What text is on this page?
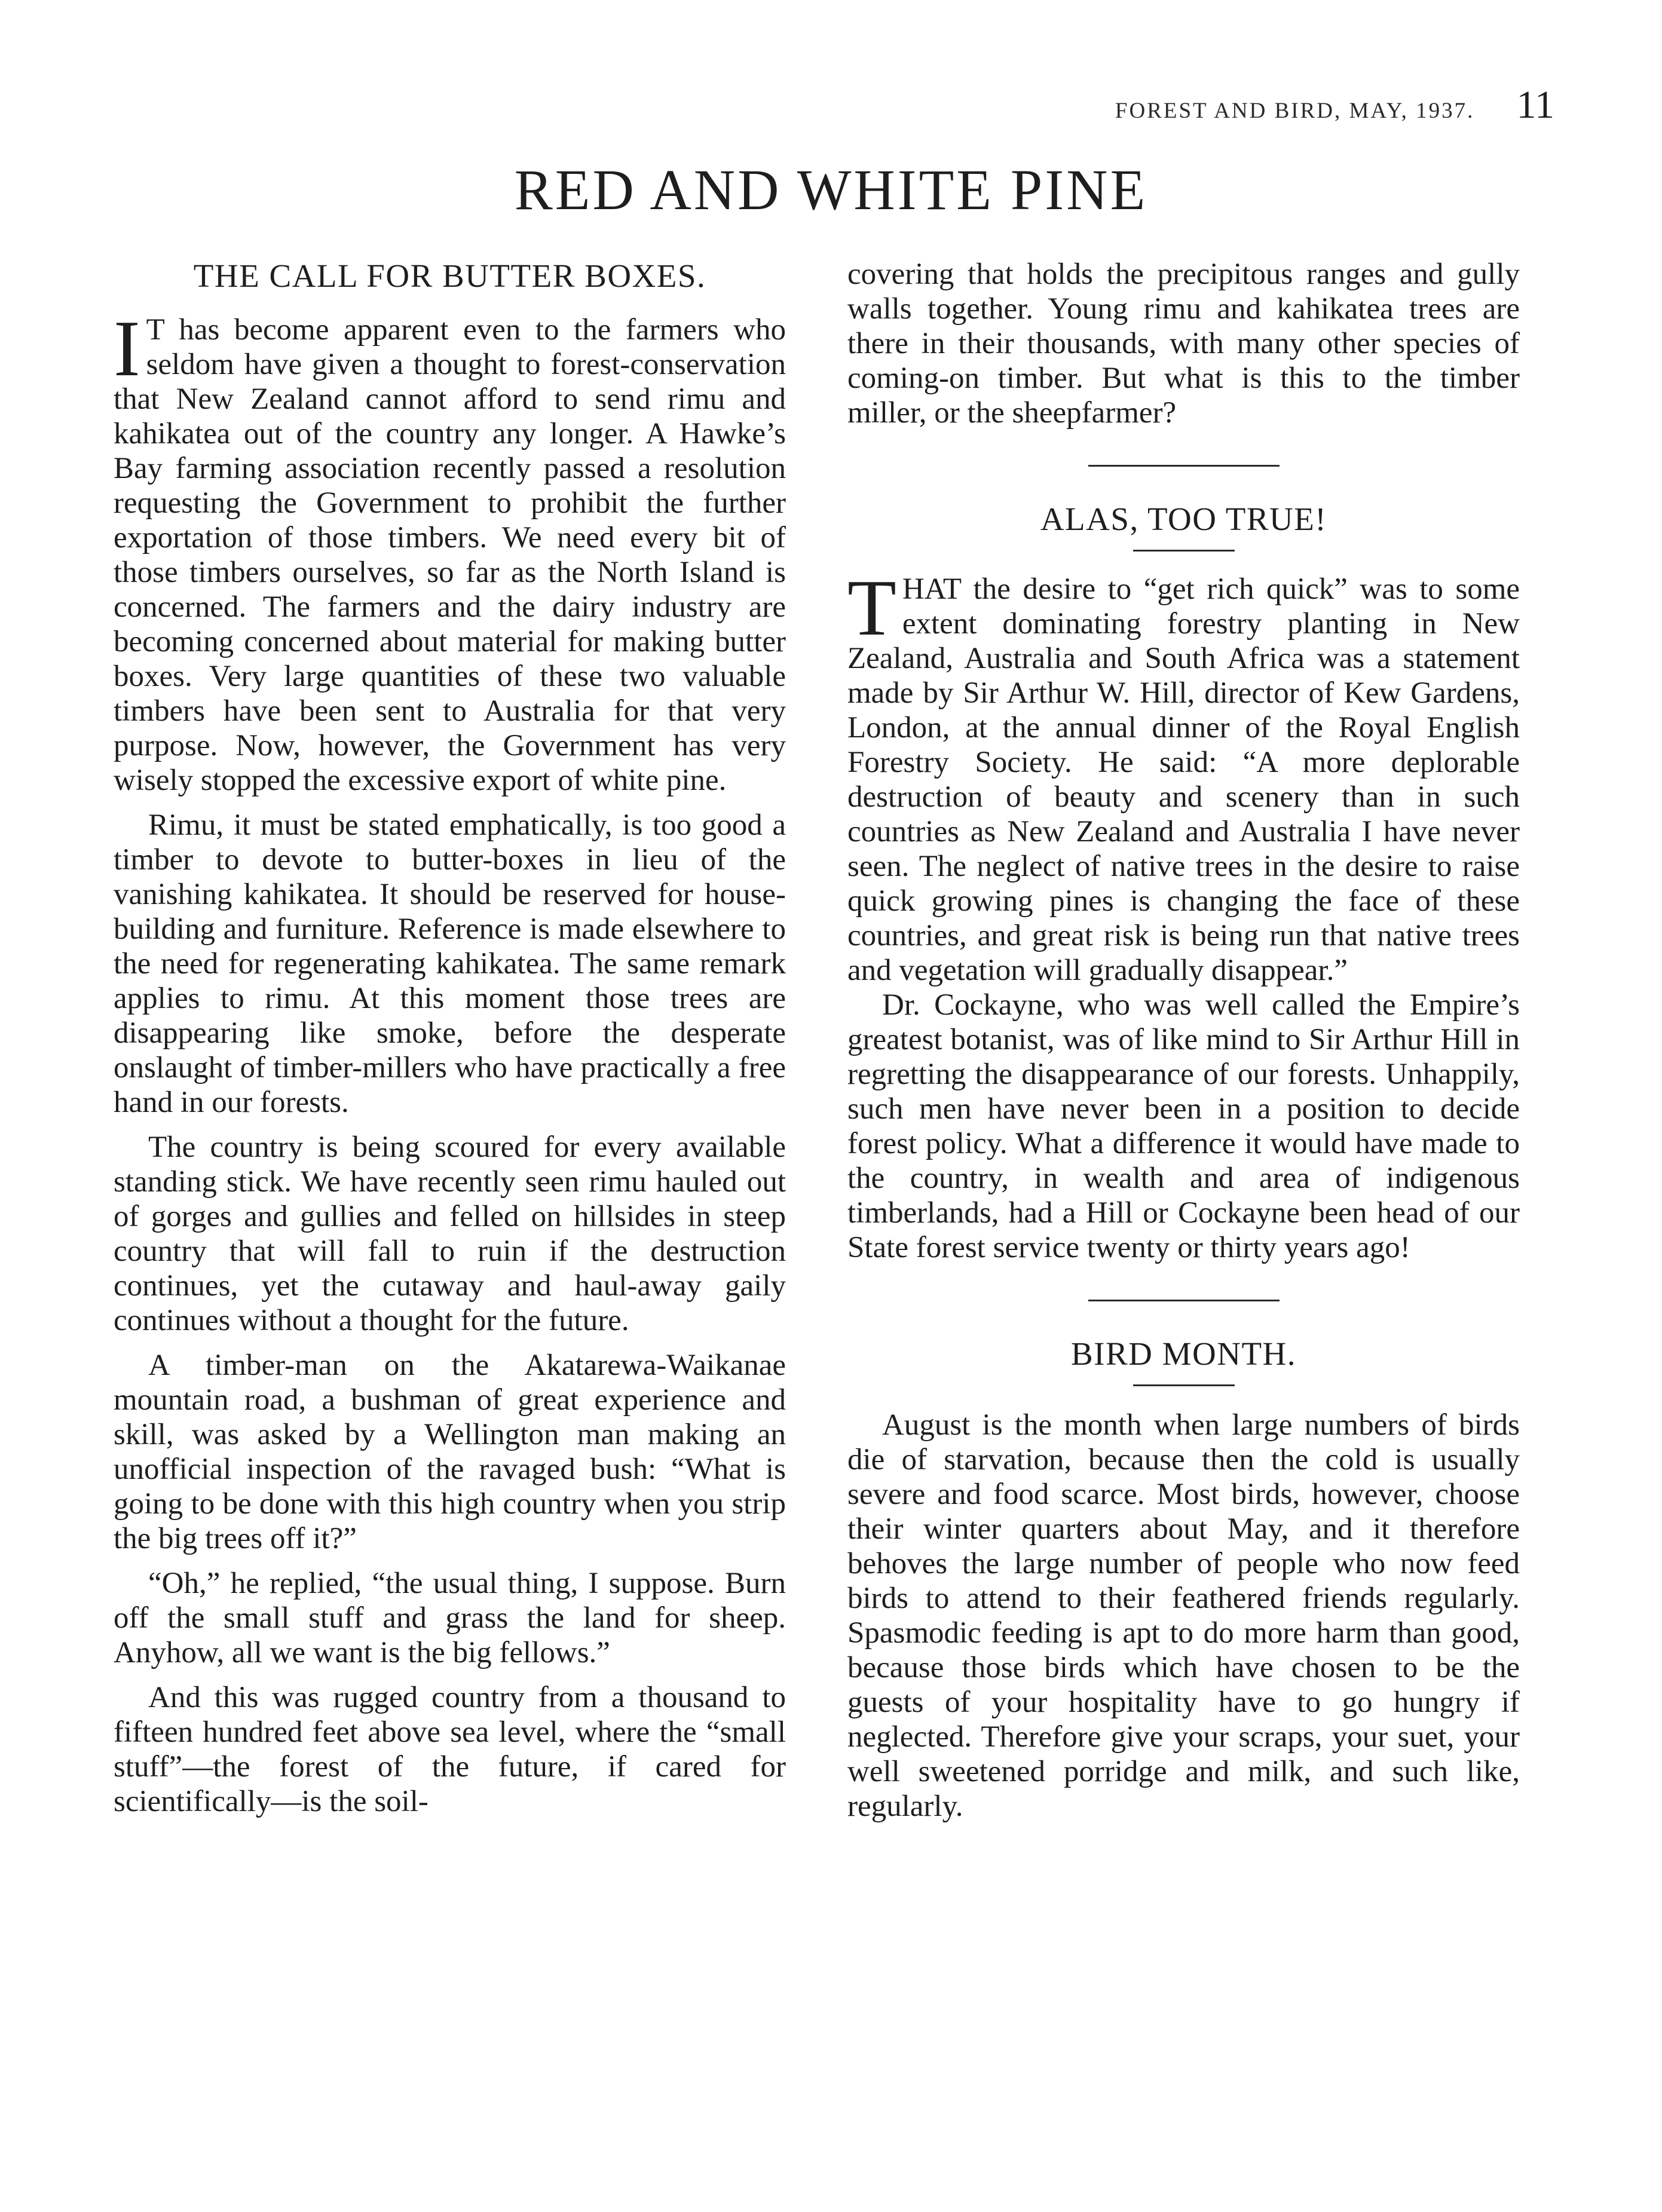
FOREST AND BIRD, MAY, 1937. 11
RED AND WHITE PINE
THE CALL FOR BUTTER BOXES.

I T has become apparent even to the farmers who seldom have given a thought to forest-conservation that New Zealand cannot afford to send rimu and kahikatea out of the country any longer. A Hawke’s Bay farming association recently passed a resolution requesting the Government to prohibit the further exportation of those timbers. We need every bit of those timbers ourselves, so far as the North Island is concerned. The farmers and the dairy industry are becoming concerned about material for making butter boxes. Very large quantities of these two valuable timbers have been sent to Australia for that very purpose. Now, however, the Government has very wisely stopped the excessive export of white pine.

Rimu, it must be stated emphatically, is too good a timber to devote to butter-boxes in lieu of the vanishing kahikatea. It should be reserved for house-building and furniture. Reference is made elsewhere to the need for regenerating kahikatea. The same remark applies to rimu. At this moment those trees are disappearing like smoke, before the desperate onslaught of timber-millers who have practically a free hand in our forests.

The country is being scoured for every available standing stick. We have recently seen rimu hauled out of gorges and gullies and felled on hillsides in steep country that will fall to ruin if the destruction continues, yet the cutaway and haul-away gaily continues without a thought for the future.

A timber-man on the Akatarewa-Waikanae mountain road, a bushman of great experience and skill, was asked by a Wellington man making an unofficial inspection of the ravaged bush: “What is going to be done with this high country when you strip the big trees off it?”

“Oh,” he replied, “the usual thing, I suppose. Burn off the small stuff and grass the land for sheep. Anyhow, all we want is the big fellows.”

And this was rugged country from a thousand to fifteen hundred feet above sea level, where the “small stuff”—the forest of the future, if cared for scientifically—is the soil-

covering that holds the precipitous ranges and gully walls together. Young rimu and kahikatea trees are there in their thousands, with many other species of coming-on timber. But what is this to the timber miller, or the sheepfarmer?

ALAS, TOO TRUE!

THAT the desire to “get rich quick” was to some extent dominating forestry planting in New Zealand, Australia and South Africa was a statement made by Sir Arthur W. Hill, director of Kew Gardens, London, at the annual dinner of the Royal English Forestry Society. He said: “A more deplorable destruction of beauty and scenery than in such countries as New Zealand and Australia I have never seen. The neglect of native trees in the desire to raise quick growing pines is changing the face of these countries, and great risk is being run that native trees and vegetation will gradually disappear.”

Dr. Cockayne, who was well called the Empire’s greatest botanist, was of like mind to Sir Arthur Hill in regretting the disappearance of our forests. Unhappily, such men have never been in a position to decide forest policy. What a difference it would have made to the country, in wealth and area of indigenous timberlands, had a Hill or Cockayne been head of our State forest service twenty or thirty years ago!

BIRD MONTH.

August is the month when large numbers of birds die of starvation, because then the cold is usually severe and food scarce. Most birds, however, choose their winter quarters about May, and it therefore behoves the large number of people who now feed birds to attend to their feathered friends regularly. Spasmodic feeding is apt to do more harm than good, because those birds which have chosen to be the guests of your hospitality have to go hungry if neglected. Therefore give your scraps, your suet, your well sweetened porridge and milk, and such like, regularly.
